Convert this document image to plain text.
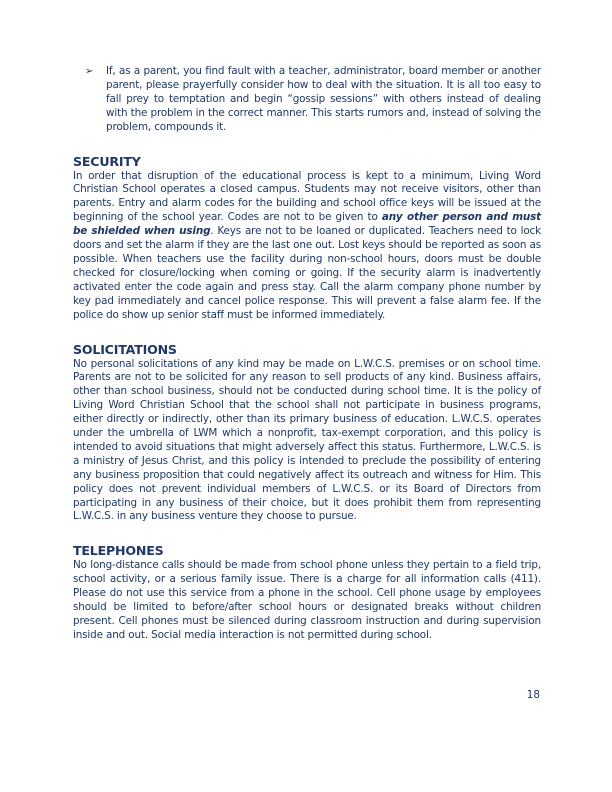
➢ If, as a parent, you find fault with a teacher, administrator, board member or another parent, please prayerfully consider how to deal with the situation. It is all too easy to fall prey to temptation and begin “gossip sessions” with others instead of dealing with the problem in the correct manner. This starts rumors and, instead of solving the problem, compounds it.

SECURITY

In order that disruption of the educational process is kept to a minimum, Living Word Christian School operates a closed campus. Students may not receive visitors, other than parents. Entry and alarm codes for the building and school office keys will be issued at the beginning of the school year. Codes are not to be given to any other person and must be shielded when using. Keys are not to be loaned or duplicated. Teachers need to lock doors and set the alarm if they are the last one out. Lost keys should be reported as soon as possible. When teachers use the facility during non-school hours, doors must be double checked for closure/locking when coming or going. If the security alarm is inadvertently activated enter the code again and press stay. Call the alarm company phone number by key pad immediately and cancel police response. This will prevent a false alarm fee. If the police do show up senior staff must be informed immediately.

SOLICITATIONS

No personal solicitations of any kind may be made on L.W.C.S. premises or on school time. Parents are not to be solicited for any reason to sell products of any kind. Business affairs, other than school business, should not be conducted during school time. It is the policy of Living Word Christian School that the school shall not participate in business programs, either directly or indirectly, other than its primary business of education. L.W.C.S. operates under the umbrella of LWM which a nonprofit, tax-exempt corporation, and this policy is intended to avoid situations that might adversely affect this status. Furthermore, L.W.C.S. is a ministry of Jesus Christ, and this policy is intended to preclude the possibility of entering any business proposition that could negatively affect its outreach and witness for Him. This policy does not prevent individual members of L.W.C.S. or its Board of Directors from participating in any business of their choice, but it does prohibit them from representing L.W.C.S. in any business venture they choose to pursue.

TELEPHONES

No long-distance calls should be made from school phone unless they pertain to a field trip, school activity, or a serious family issue. There is a charge for all information calls (411). Please do not use this service from a phone in the school. Cell phone usage by employees should be limited to before/after school hours or designated breaks without children present. Cell phones must be silenced during classroom instruction and during supervision inside and out. Social media interaction is not permitted during school.

18
